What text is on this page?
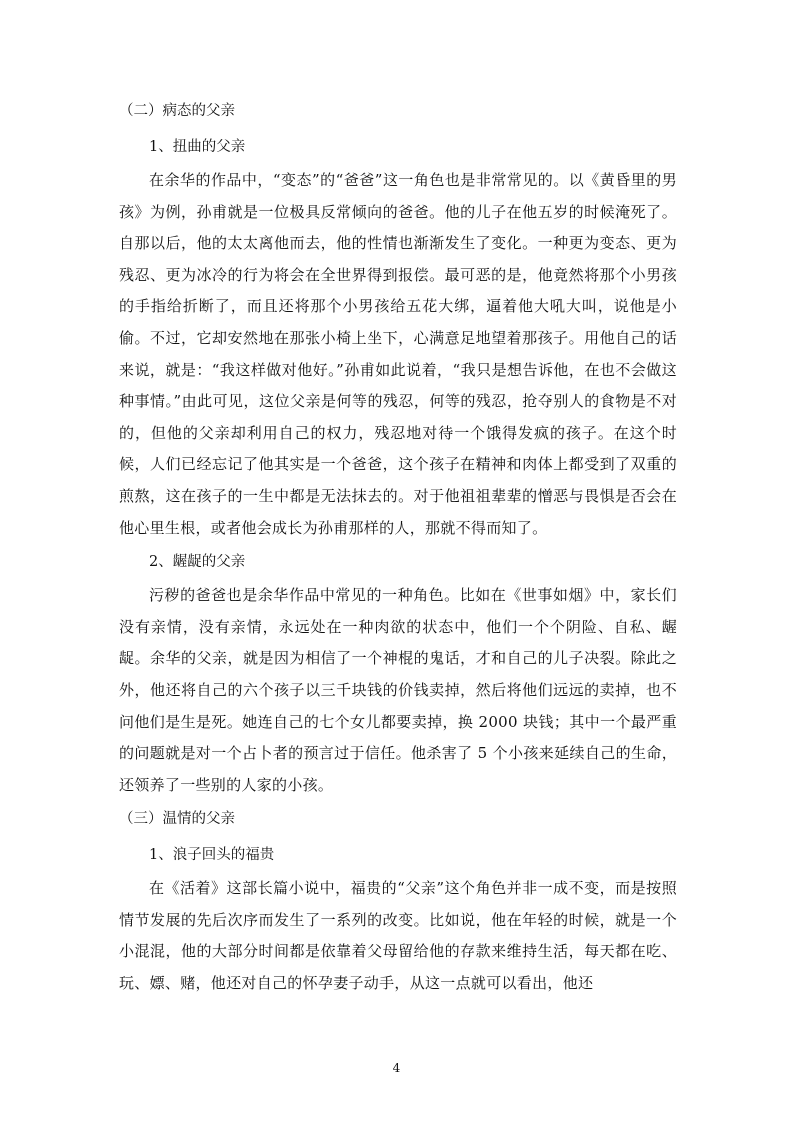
（二）病态的父亲
1、扭曲的父亲

在余华的作品中，“变态”的“爸爸”这一角色也是非常常见的。以《黄昏里的男孩》为例，孙甫就是一位极具反常倾向的爸爸。他的儿子在他五岁的时候淹死了。自那以后，他的太太离他而去，他的性情也渐渐发生了变化。一种更为变态、更为残忍、更为冰冷的行为将会在全世界得到报偿。最可恶的是，他竟然将那个小男孩的手指给折断了，而且还将那个小男孩给五花大绑，逼着他大吼大叫，说他是小偷。不过，它却安然地在那张小椅上坐下，心满意足地望着那孩子。用他自己的话来说，就是：“我这样做对他好。”孙甫如此说着，“我只是想告诉他，在也不会做这种事情。”由此可见，这位父亲是何等的残忍，何等的残忍，抢夺别人的食物是不对的，但他的父亲却利用自己的权力，残忍地对待一个饿得发疯的孩子。在这个时候，人们已经忘记了他其实是一个爸爸，这个孩子在精神和肉体上都受到了双重的煎熬，这在孩子的一生中都是无法抹去的。对于他祖祖辈辈的憎恶与畏惧是否会在他心里生根，或者他会成长为孙甫那样的人，那就不得而知了。

2、龌龊的父亲

污秽的爸爸也是余华作品中常见的一种角色。比如在《世事如烟》中，家长们没有亲情，没有亲情，永远处在一种肉欲的状态中，他们一个个阴险、自私、龌龊。余华的父亲，就是因为相信了一个神棍的鬼话，才和自己的儿子决裂。除此之外，他还将自己的六个孩子以三千块钱的价钱卖掉，然后将他们远远的卖掉，也不问他们是生是死。她连自己的七个女儿都要卖掉，换 2000 块钱；其中一个最严重的问题就是对一个占卜者的预言过于信任。他杀害了 5 个小孩来延续自己的生命，还领养了一些别的人家的小孩。

（三）温情的父亲
1、浪子回头的福贵

在《活着》这部长篇小说中，福贵的“父亲”这个角色并非一成不变，而是按照情节发展的先后次序而发生了一系列的改变。比如说，他在年轻的时候，就是一个小混混，他的大部分时间都是依靠着父母留给他的存款来维持生活，每天都在吃、玩、嫖、赌，他还对自己的怀孕妻子动手，从这一点就可以看出，他还

4
